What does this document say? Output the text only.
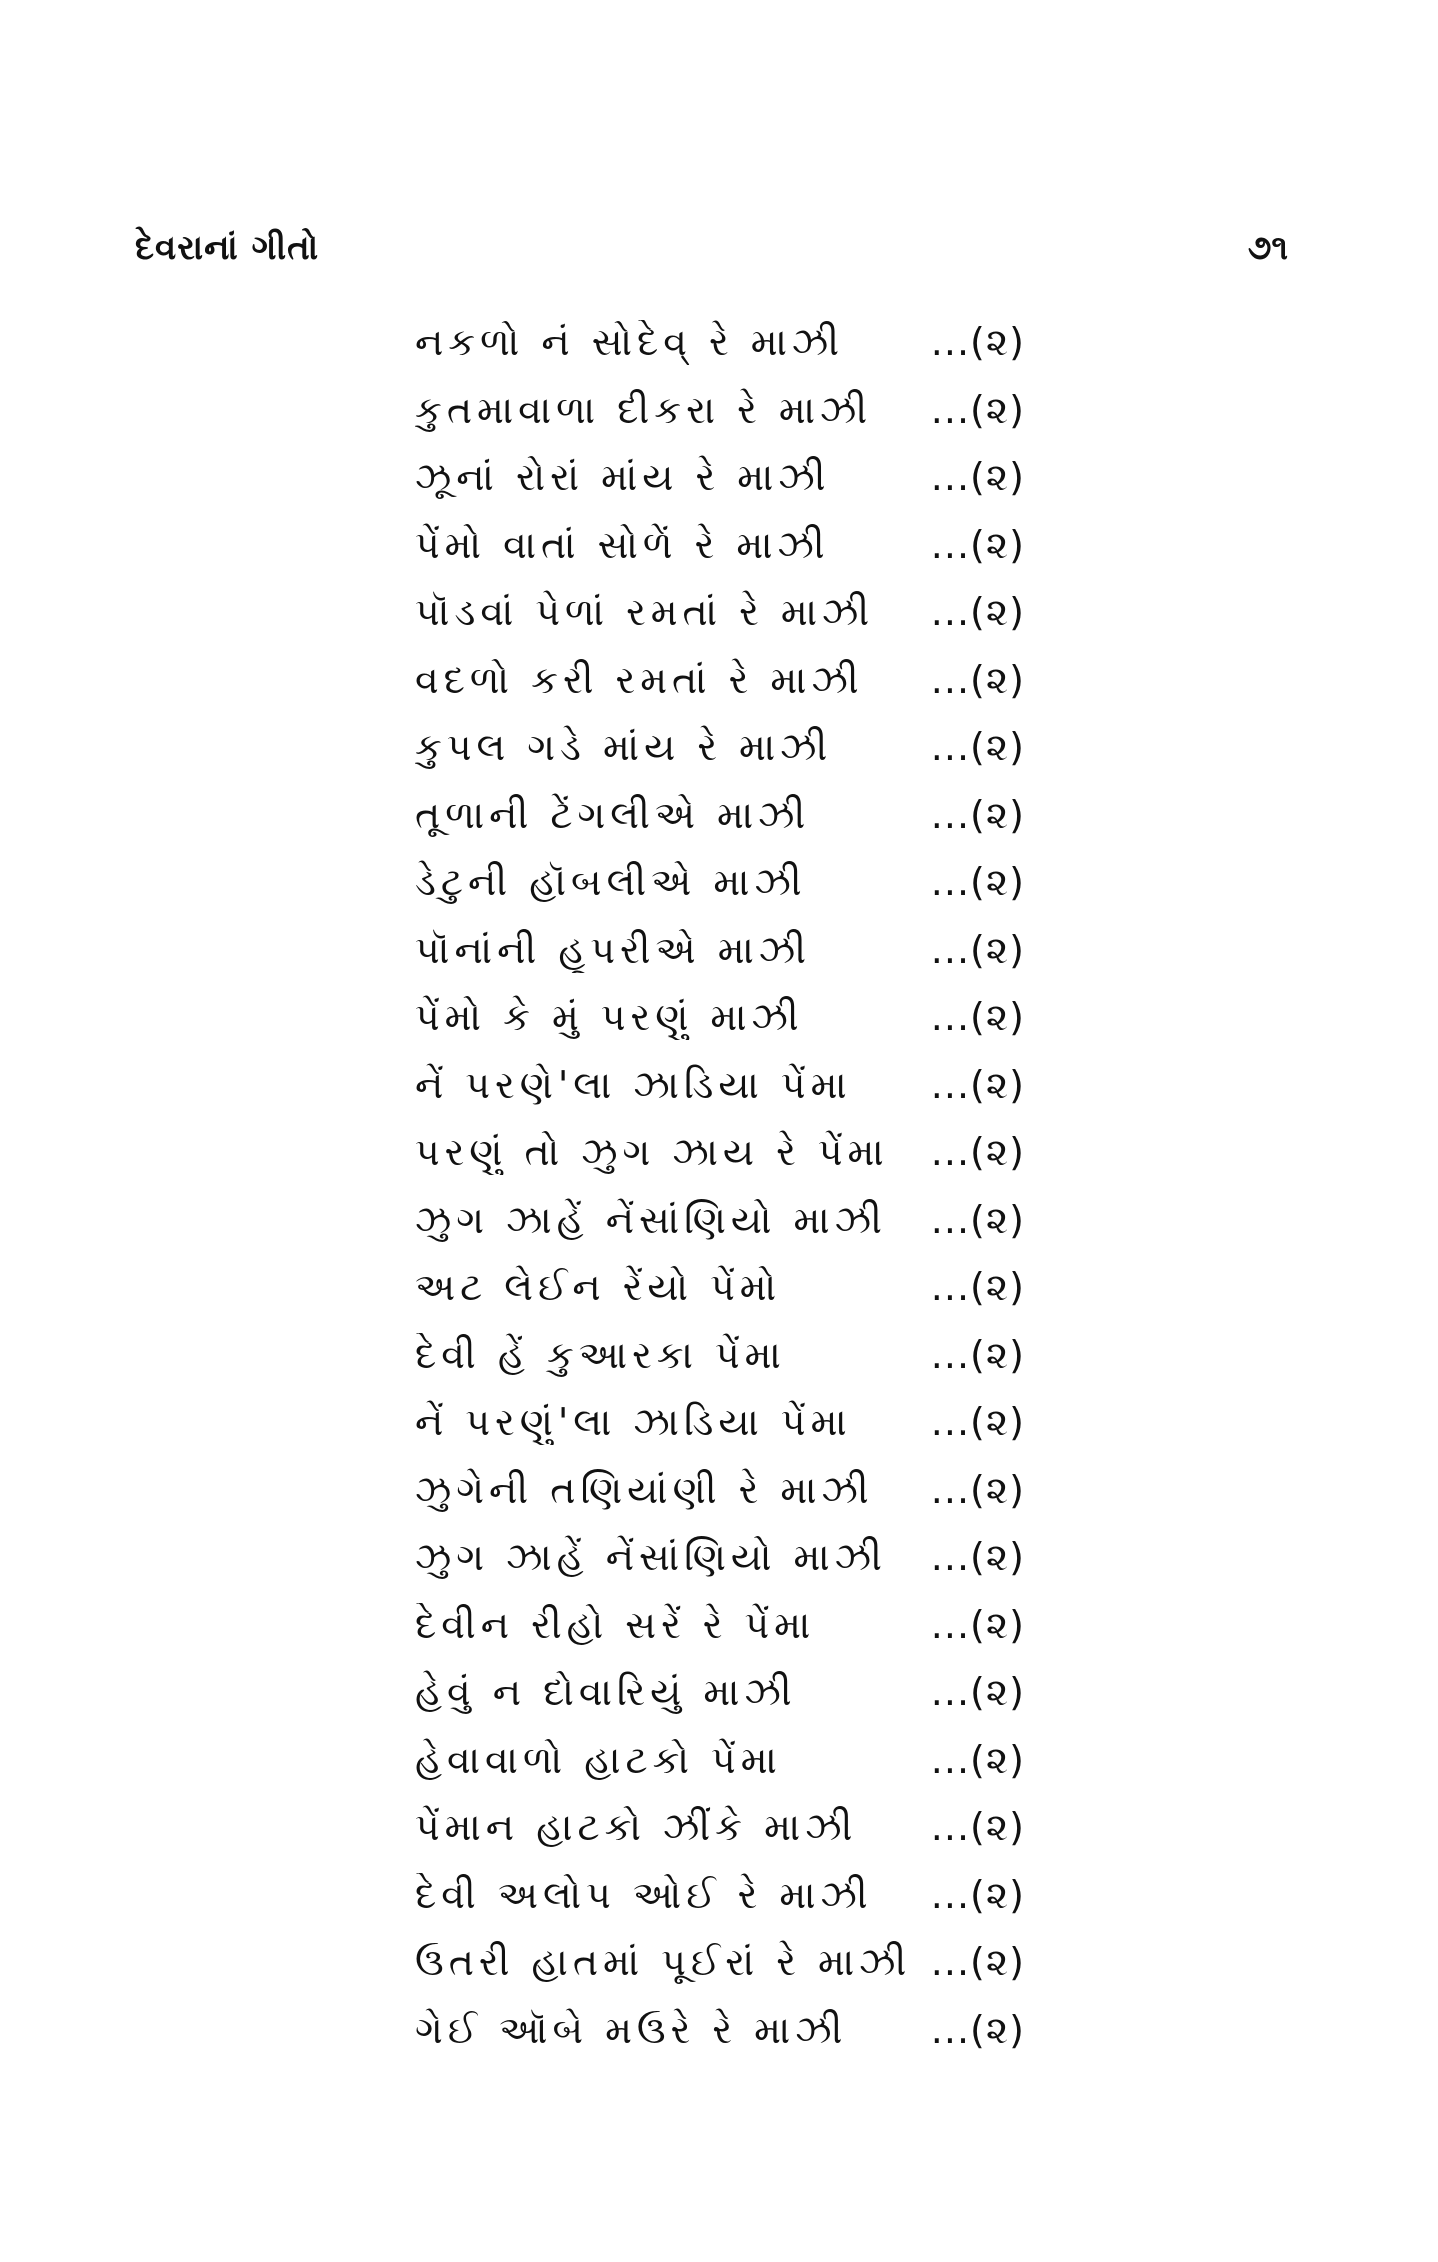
દેવરાનાં ગીતો	૭૧
નકળો નં સોદેવ્ રે માઝી	...(૨)
કુતમાવાળા દીકરા રે માઝી	...(૨)
ઝૂનાં રોરાં માંય રે માઝી	...(૨)
પેંમો વાતાં સોળેં રે માઝી	...(૨)
પૉડવાં પેળાં રમતાં રે માઝી	...(૨)
વદળો કરી રમતાં રે માઝી	...(૨)
કુપલ ગડે માંય રે માઝી	...(૨)
તૂળાની ટેંગલીએ માઝી	...(૨)
ડેટુની હૉબલીએ માઝી	...(૨)
પૉનાંની હૂપરીએ માઝી	...(૨)
પેંમો કે મું પરણું માઝી	...(૨)
નેં પરણે'લા ઝાડિયા પેંમા	...(૨)
પરણું તો ઝુગ ઝાય રે પેંમા	...(૨)
ઝુગ ઝાહેં નેંસાંણિયો માઝી	...(૨)
અટ લેઈન રેંયો પેંમો	...(૨)
દેવી હેં કુઆરકા પેંમા	...(૨)
નેં પરણું'લા ઝાડિયા પેંમા	...(૨)
ઝુગેની તણિયાંણી રે માઝી	...(૨)
ઝુગ ઝાહેં નેંસાંણિયો માઝી	...(૨)
દેવીન રીહો સરેં રે પેંમા	...(૨)
હેવું ન દોવારિયું માઝી	...(૨)
હેવાવાળો હાટકો પેંમા	...(૨)
પેંમાન હાટકો ઝીંકે માઝી	...(૨)
દેવી અલોપ ઓઈ રે માઝી	...(૨)
ઉતરી હાતમાં પૂઈરાં રે માઝી ...(૨)
ગેઈ ઑબે મઉરે રે માઝી	...(૨)
